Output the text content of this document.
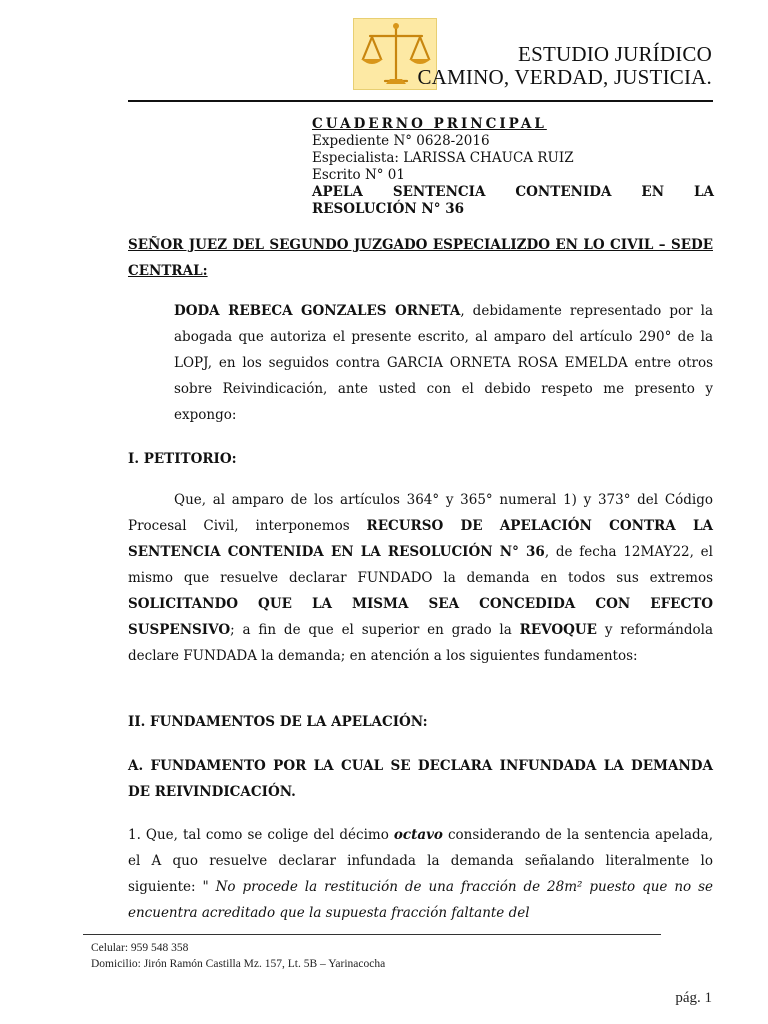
ESTUDIO JURÍDICO
CAMINO, VERDAD, JUSTICIA.
CUADERNO PRINCIPAL
Expediente N° 0628-2016
Especialista: LARISSA CHAUCA RUIZ
Escrito N° 01
APELA SENTENCIA CONTENIDA EN LA
RESOLUCIÓN N° 36
SEÑOR JUEZ DEL SEGUNDO JUZGADO ESPECIALIZDO EN LO CIVIL – SEDE CENTRAL:
DODA REBECA GONZALES ORNETA, debidamente representado por la abogada que autoriza el presente escrito, al amparo del artículo 290° de la LOPJ, en los seguidos contra GARCIA ORNETA ROSA EMELDA entre otros sobre Reivindicación, ante usted con el debido respeto me presento y expongo:
I. PETITORIO:
Que, al amparo de los artículos 364° y 365° numeral 1) y 373° del Código Procesal Civil, interponemos RECURSO DE APELACIÓN CONTRA LA SENTENCIA CONTENIDA EN LA RESOLUCIÓN N° 36, de fecha 12MAY22, el mismo que resuelve declarar FUNDADO la demanda en todos sus extremos SOLICITANDO QUE LA MISMA SEA CONCEDIDA CON EFECTO SUSPENSIVO; a fin de que el superior en grado la REVOQUE y reformándola declare FUNDADA la demanda; en atención a los siguientes fundamentos:
II. FUNDAMENTOS DE LA APELACIÓN:
A. FUNDAMENTO POR LA CUAL SE DECLARA INFUNDADA LA DEMANDA DE REIVINDICACIÓN.
1. Que, tal como se colige del décimo octavo considerando de la sentencia apelada, el A quo resuelve declarar infundada la demanda señalando literalmente lo siguiente: " No procede la restitución de una fracción de 28m² puesto que no se encuentra acreditado que la supuesta fracción faltante del
Celular: 959 548 358
Domicilio: Jirón Ramón Castilla Mz. 157, Lt. 5B – Yarinacocha
pág. 1
